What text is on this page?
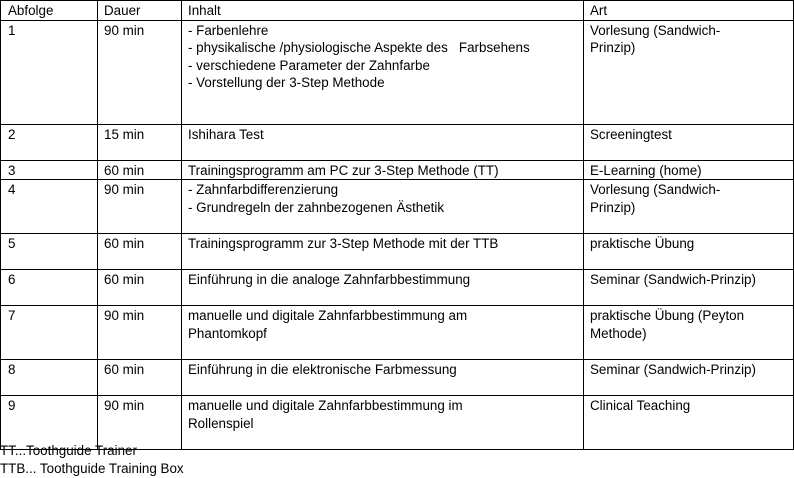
Abfolge	Dauer	Inhalt	Art
1	90 min	- Farbenlehre
- physikalische /physiologische Aspekte des   Farbsehens
- verschiedene Parameter der Zahnfarbe
- Vorstellung der 3-Step Methode	Vorlesung (Sandwich-
Prinzip)

2	15 min	Ishihara Test	Screeningtest

3	60 min	Trainingsprogramm am PC zur 3-Step Methode (TT)	E-Learning (home)

4	90 min	- Zahnfarbdifferenzierung
- Grundregeln der zahnbezogenen Ästhetik	Vorlesung (Sandwich-
Prinzip)

5	60 min	Trainingsprogramm zur 3-Step Methode mit der TTB	praktische Übung

6	60 min	Einführung in die analoge Zahnfarbbestimmung	Seminar (Sandwich-Prinzip)

7	90 min	manuelle und digitale Zahnfarbbestimmung am
Phantomkopf	praktische Übung (Peyton
Methode)

8	60 min	Einführung in die elektronische Farbmessung	Seminar (Sandwich-Prinzip)

9	90 min	manuelle und digitale Zahnfarbbestimmung im
Rollenspiel	Clinical Teaching
TT...Toothguide Trainer
TTB... Toothguide Training Box
